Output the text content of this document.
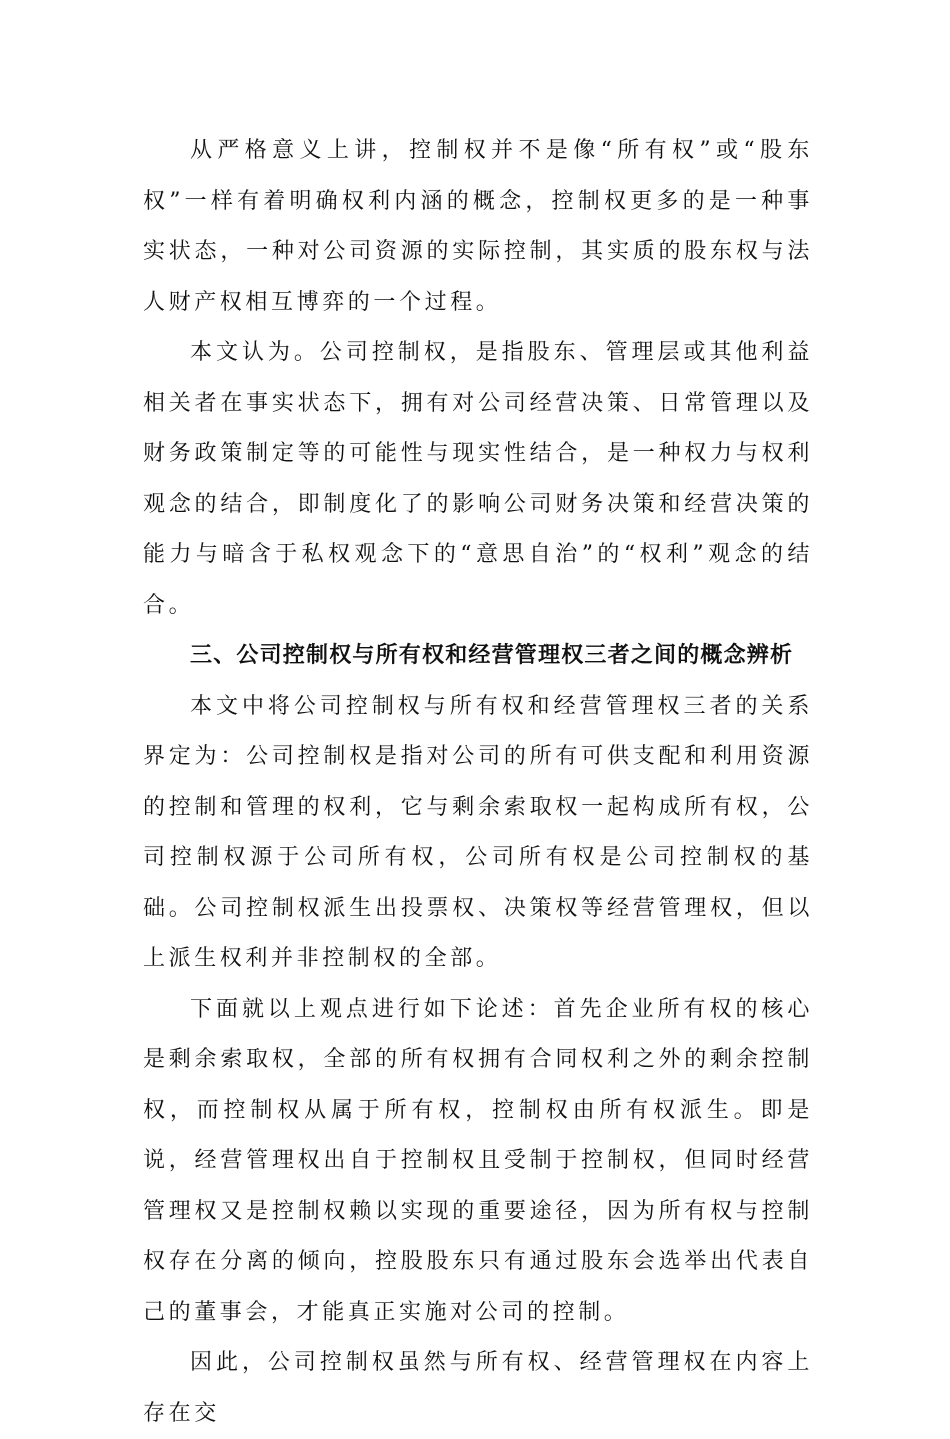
从严格意义上讲，控制权并不是像“所有权”或“股东权”一样有着明确权利内涵的概念，控制权更多的是一种事实状态，一种对公司资源的实际控制，其实质的股东权与法人财产权相互博弈的一个过程。

本文认为。公司控制权，是指股东、管理层或其他利益相关者在事实状态下，拥有对公司经营决策、日常管理以及财务政策制定等的可能性与现实性结合，是一种权力与权利观念的结合，即制度化了的影响公司财务决策和经营决策的能力与暗含于私权观念下的“意思自治”的“权利”观念的结合。

三、公司控制权与所有权和经营管理权三者之间的概念辨析

本文中将公司控制权与所有权和经营管理权三者的关系界定为：公司控制权是指对公司的所有可供支配和利用资源的控制和管理的权利，它与剩余索取权一起构成所有权，公司控制权源于公司所有权，公司所有权是公司控制权的基础。公司控制权派生出投票权、决策权等经营管理权，但以上派生权利并非控制权的全部。

下面就以上观点进行如下论述：首先企业所有权的核心是剩余索取权，全部的所有权拥有合同权利之外的剩余控制权，而控制权从属于所有权，控制权由所有权派生。即是说，经营管理权出自于控制权且受制于控制权，但同时经营管理权又是控制权赖以实现的重要途径，因为所有权与控制权存在分离的倾向，控股股东只有通过股东会选举出代表自己的董事会，才能真正实施对公司的控制。

因此，公司控制权虽然与所有权、经营管理权在内容上存在交
